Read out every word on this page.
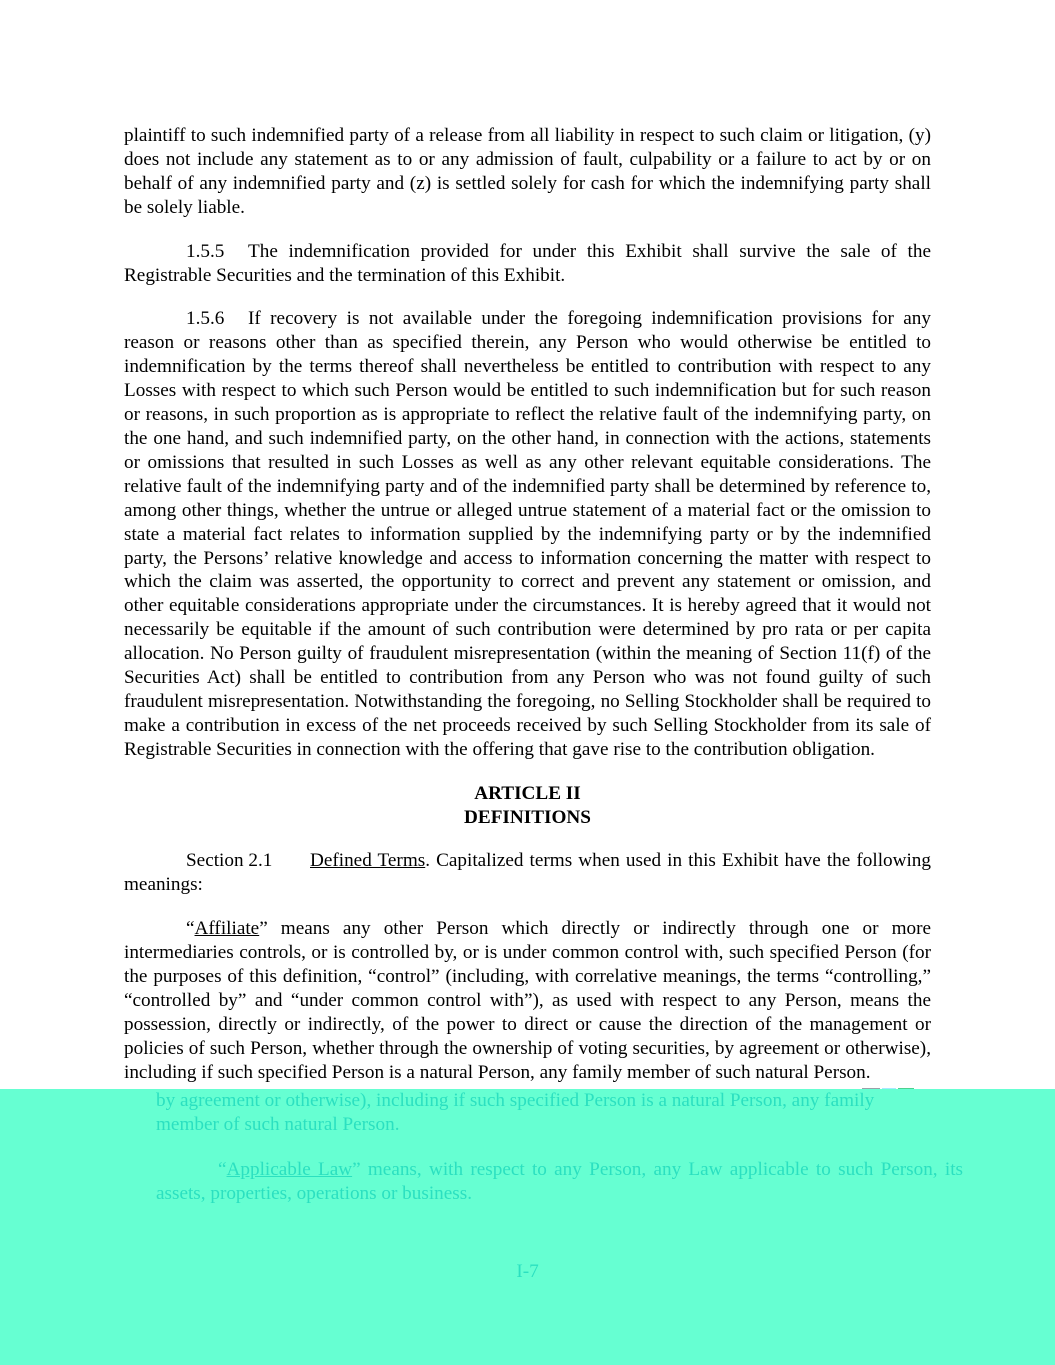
plaintiff to such indemnified party of a release from all liability in respect to such claim or litigation, (y) does not include any statement as to or any admission of fault, culpability or a failure to act by or on behalf of any indemnified party and (z) is settled solely for cash for which the indemnifying party shall be solely liable.

1.5.5 The indemnification provided for under this Exhibit shall survive the sale of the Registrable Securities and the termination of this Exhibit.

1.5.6 If recovery is not available under the foregoing indemnification provisions for any reason or reasons other than as specified therein, any Person who would otherwise be entitled to indemnification by the terms thereof shall nevertheless be entitled to contribution with respect to any Losses with respect to which such Person would be entitled to such indemnification but for such reason or reasons, in such proportion as is appropriate to reflect the relative fault of the indemnifying party, on the one hand, and such indemnified party, on the other hand, in connection with the actions, statements or omissions that resulted in such Losses as well as any other relevant equitable considerations. The relative fault of the indemnifying party and of the indemnified party shall be determined by reference to, among other things, whether the untrue or alleged untrue statement of a material fact or the omission to state a material fact relates to information supplied by the indemnifying party or by the indemnified party, the Persons’ relative knowledge and access to information concerning the matter with respect to which the claim was asserted, the opportunity to correct and prevent any statement or omission, and other equitable considerations appropriate under the circumstances. It is hereby agreed that it would not necessarily be equitable if the amount of such contribution were determined by pro rata or per capita allocation. No Person guilty of fraudulent misrepresentation (within the meaning of Section 11(f) of the Securities Act) shall be entitled to contribution from any Person who was not found guilty of such fraudulent misrepresentation. Notwithstanding the foregoing, no Selling Stockholder shall be required to make a contribution in excess of the net proceeds received by such Selling Stockholder from its sale of Registrable Securities in connection with the offering that gave rise to the contribution obligation.

ARTICLE II
DEFINITIONS

Section 2.1 Defined Terms. Capitalized terms when used in this Exhibit have the following meanings:

“Affiliate” means any other Person which directly or indirectly through one or more intermediaries controls, or is controlled by, or is under common control with, such specified Person (for the purposes of this definition, “control” (including, with correlative meanings, the terms “controlling,” “controlled by” and “under common control with”), as used with respect to any Person, means the possession, directly or indirectly, of the power to direct or cause the direction of the management or policies of such Person, whether through the ownership of voting securities, by agreement or otherwise), including if such specified Person is a natural Person, any family member of such natural Person.

by agreement or otherwise), including if such specified Person is a natural Person, any family
member of such natural Person.

“Applicable Law” means, with respect to any Person, any Law applicable to such Person, its assets, properties, operations or business.

I-7
